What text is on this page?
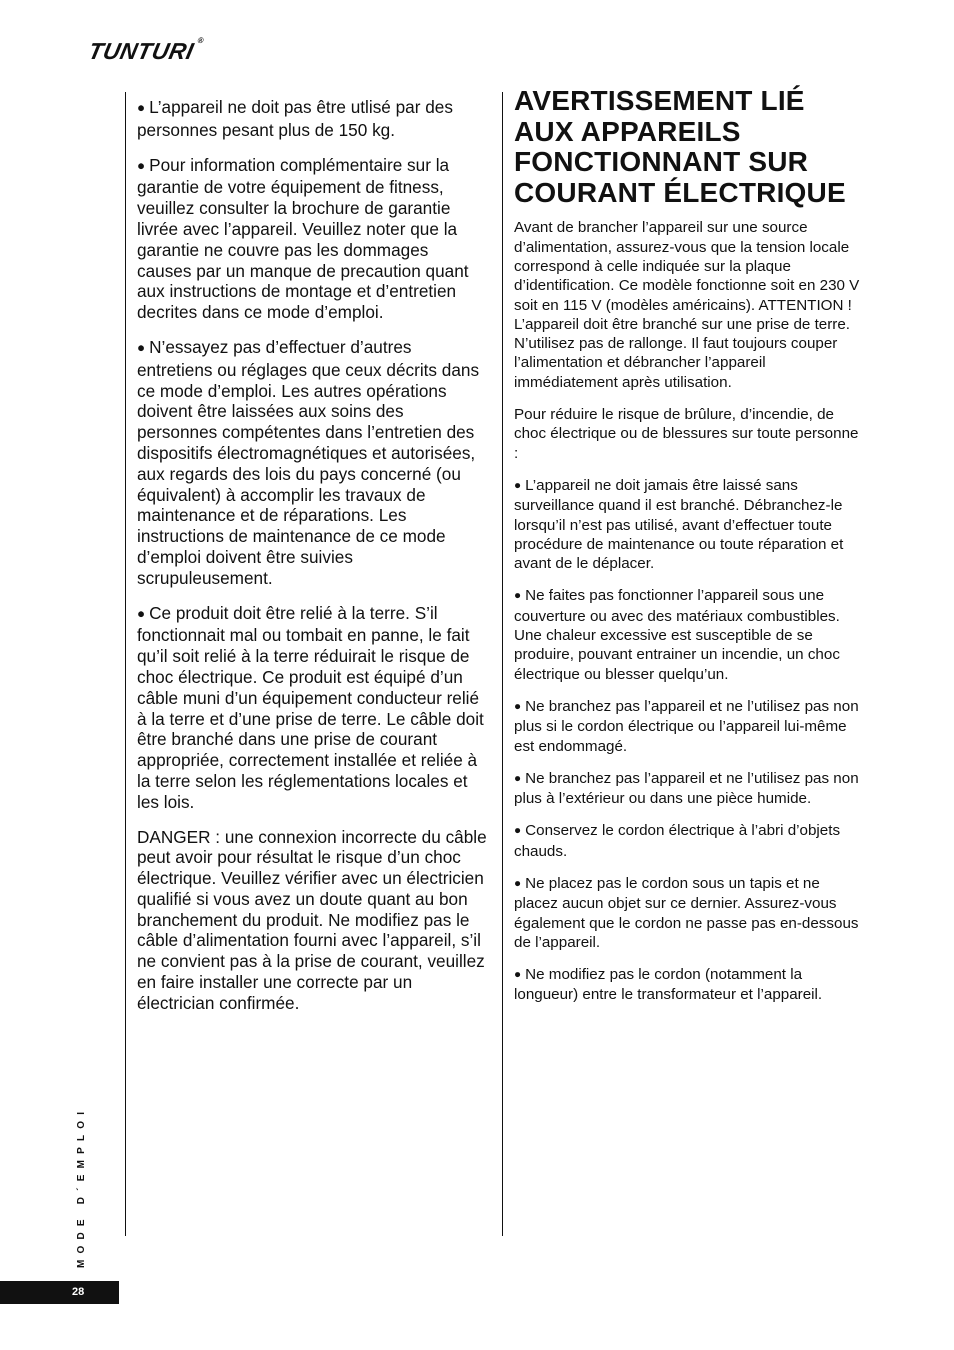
TUNTURI®

● L’appareil ne doit pas être utlisé par des personnes pesant plus de 150 kg.

● Pour information complémentaire sur la garantie de votre équipement de fitness, veuillez consulter la brochure de garantie livrée avec l’appareil. Veuillez noter que la garantie ne couvre pas les dommages causes par un manque de precaution quant aux instructions de montage et d’entretien decrites dans ce mode d’emploi.

● N’essayez pas d’effectuer d’autres entretiens ou réglages que ceux décrits dans ce mode d’emploi. Les autres opérations doivent être laissées aux soins des personnes compétentes dans l’entretien des dispositifs électromagnétiques et autorisées, aux regards des lois du pays concerné (ou équivalent) à accomplir les travaux de maintenance et de réparations. Les instructions de maintenance de ce mode d’emploi doivent être suivies scrupuleusement.

● Ce produit doit être relié à la terre. S’il fonctionnait mal ou tombait en panne, le fait qu’il soit relié à la terre réduirait le risque de choc électrique. Ce produit est équipé d’un câble muni d’un équipement conducteur relié à la terre et d’une prise de terre. Le câble doit être branché dans une prise de courant appropriée, correctement installée et reliée à la terre selon les réglementations locales et les lois.

DANGER : une connexion incorrecte du câble peut avoir pour résultat le risque d’un choc électrique. Veuillez vérifier avec un électricien qualifié si vous avez un doute quant au bon branchement du produit. Ne modifiez pas le câble d’alimentation fourni avec l’appareil, s’il ne convient pas à la prise de courant, veuillez en faire installer une correcte par un électrician confirmée.

AVERTISSEMENT LIÉ AUX APPAREILS FONCTIONNANT SUR COURANT ÉLECTRIQUE

Avant de brancher l’appareil sur une source d’alimentation, assurez-vous que la tension locale correspond à celle indiquée sur la plaque d’identification. Ce modèle fonctionne soit en 230 V soit en 115 V (modèles américains). ATTENTION ! L’appareil doit être branché sur une prise de terre. N’utilisez pas de rallonge. Il faut toujours couper l’alimentation et débrancher l’appareil immédiatement après utilisation.

Pour réduire le risque de brûlure, d’incendie, de choc électrique ou de blessures sur toute personne :

● L’appareil ne doit jamais être laissé sans surveillance quand il est branché. Débranchez-le lorsqu’il n’est pas utilisé, avant d’effectuer toute procédure de maintenance ou toute réparation et avant de le déplacer.

● Ne faites pas fonctionner l’appareil sous une couverture ou avec des matériaux combustibles. Une chaleur excessive est susceptible de se produire, pouvant entrainer un incendie, un choc électrique ou blesser quelqu’un.

● Ne branchez pas l’appareil et ne l’utilisez pas non plus si le cordon électrique ou l’appareil lui-même est endommagé.

● Ne branchez pas l’appareil et ne l’utilisez pas non plus à l’extérieur ou dans une pièce humide.

● Conservez le cordon électrique à l’abri d’objets chauds.

● Ne placez pas le cordon sous un tapis et ne placez aucun objet sur ce dernier. Assurez-vous également que le cordon ne passe pas en-dessous de l’appareil.

● Ne modifiez pas le cordon (notamment la longueur) entre le transformateur et l’appareil.

MODE D´EMPLOI
28
